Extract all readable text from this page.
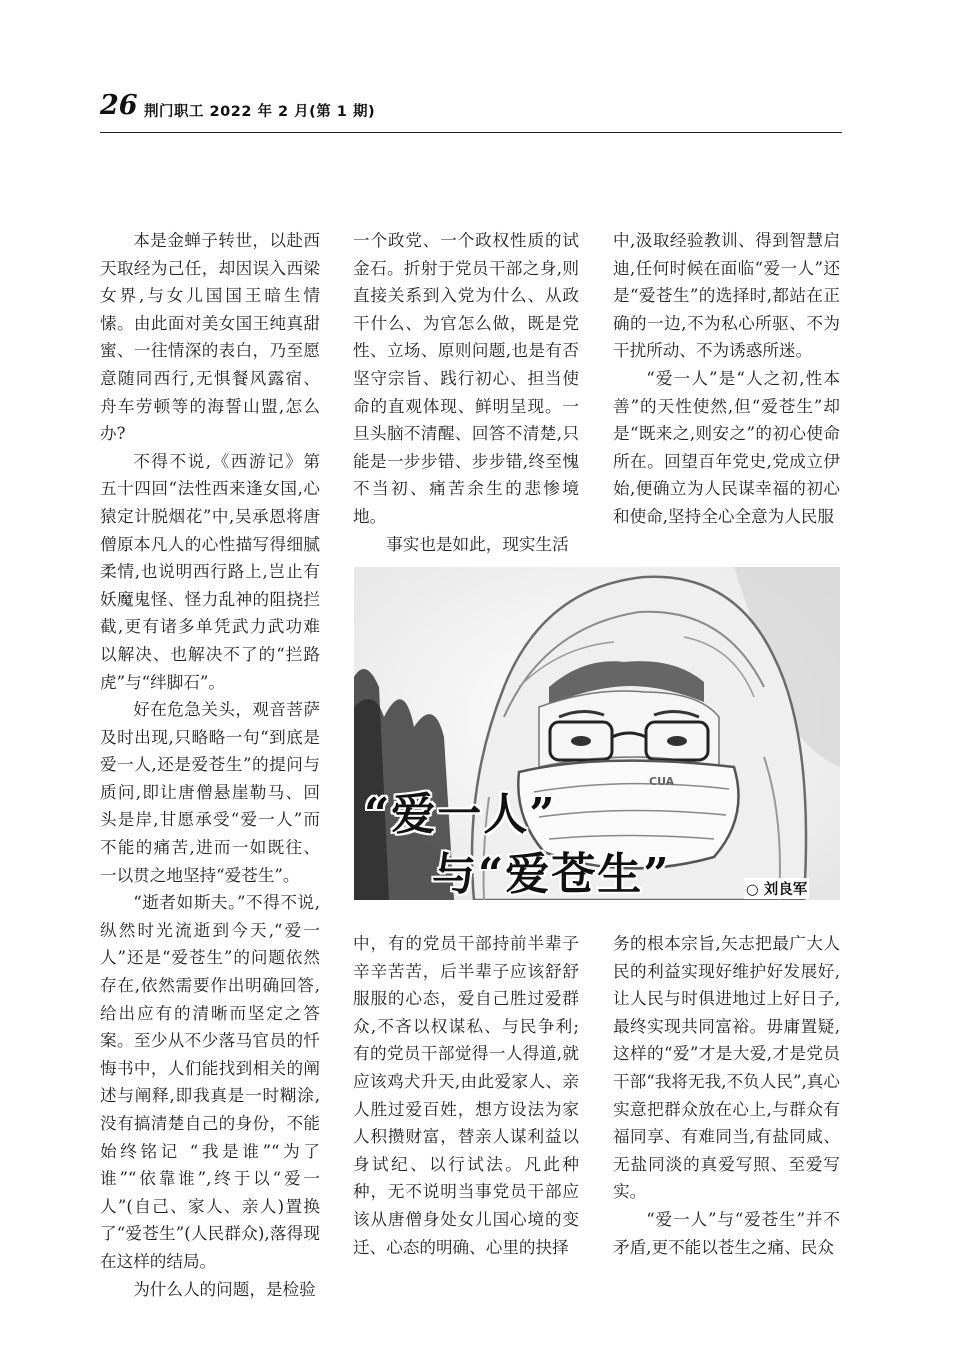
26 荆门职工 2022 年 2 月(第 1 期)

本是金蝉子转世，以赴西天取经为己任，却因误入西梁女界,与女儿国国王暗生情愫。由此面对美女国王纯真甜蜜、一往情深的表白，乃至愿意随同西行,无惧餐风露宿、舟车劳顿等的海誓山盟,怎么办?

不得不说,《西游记》第五十四回“法性西来逢女国,心猿定计脱烟花”中,吴承恩将唐僧原本凡人的心性描写得细腻柔情,也说明西行路上,岂止有妖魔鬼怪、怪力乱神的阻挠拦截,更有诸多单凭武力武功难以解决、也解决不了的“拦路虎”与“绊脚石”。

好在危急关头，观音菩萨及时出现,只略略一句“到底是爱一人,还是爱苍生”的提问与质问,即让唐僧悬崖勒马、回头是岸,甘愿承受“爱一人”而不能的痛苦,进而一如既往、一以贯之地坚持“爱苍生”。

“逝者如斯夫。”不得不说,纵然时光流逝到今天,“爱一人”还是“爱苍生”的问题依然存在,依然需要作出明确回答,给出应有的清晰而坚定之答案。至少从不少落马官员的忏悔书中，人们能找到相关的阐述与阐释,即我真是一时糊涂,没有搞清楚自己的身份，不能始终铭记 “我是谁”“为了谁”“依靠谁”,终于以“爱一人”(自己、家人、亲人)置换了“爱苍生”(人民群众),落得现在这样的结局。

为什么人的问题，是检验

一个政党、一个政权性质的试金石。折射于党员干部之身,则直接关系到入党为什么、从政干什么、为官怎么做，既是党性、立场、原则问题,也是有否坚守宗旨、践行初心、担当使命的直观体现、鲜明呈现。一旦头脑不清醒、回答不清楚,只能是一步步错、步步错,终至愧不当初、痛苦余生的悲惨境地。

事实也是如此，现实生活

中,汲取经验教训、得到智慧启迪,任何时候在面临“爱一人”还是“爱苍生”的选择时,都站在正确的一边,不为私心所驱、不为干扰所动、不为诱惑所迷。

“爱一人”是“人之初,性本善”的天性使然,但“爱苍生”却是“既来之,则安之”的初心使命所在。回望百年党史,党成立伊始,便确立为人民谋幸福的初心和使命,坚持全心全意为人民服

CUA
“爱一人”
与“爱苍生”	○ 刘良军

中，有的党员干部持前半辈子辛辛苦苦，后半辈子应该舒舒服服的心态，爱自己胜过爱群众,不吝以权谋私、与民争利;有的党员干部觉得一人得道,就应该鸡犬升天,由此爱家人、亲人胜过爱百姓，想方设法为家人积攒财富，替亲人谋利益以身试纪、以行试法。凡此种种，无不说明当事党员干部应该从唐僧身处女儿国心境的变迁、心态的明确、心里的抉择

务的根本宗旨,矢志把最广大人民的利益实现好维护好发展好,让人民与时俱进地过上好日子,最终实现共同富裕。毋庸置疑,这样的“爱”才是大爱,才是党员干部“我将无我,不负人民”,真心实意把群众放在心上,与群众有福同享、有难同当,有盐同咸、无盐同淡的真爱写照、至爱写实。

“爱一人”与“爱苍生”并不矛盾,更不能以苍生之痛、民众
